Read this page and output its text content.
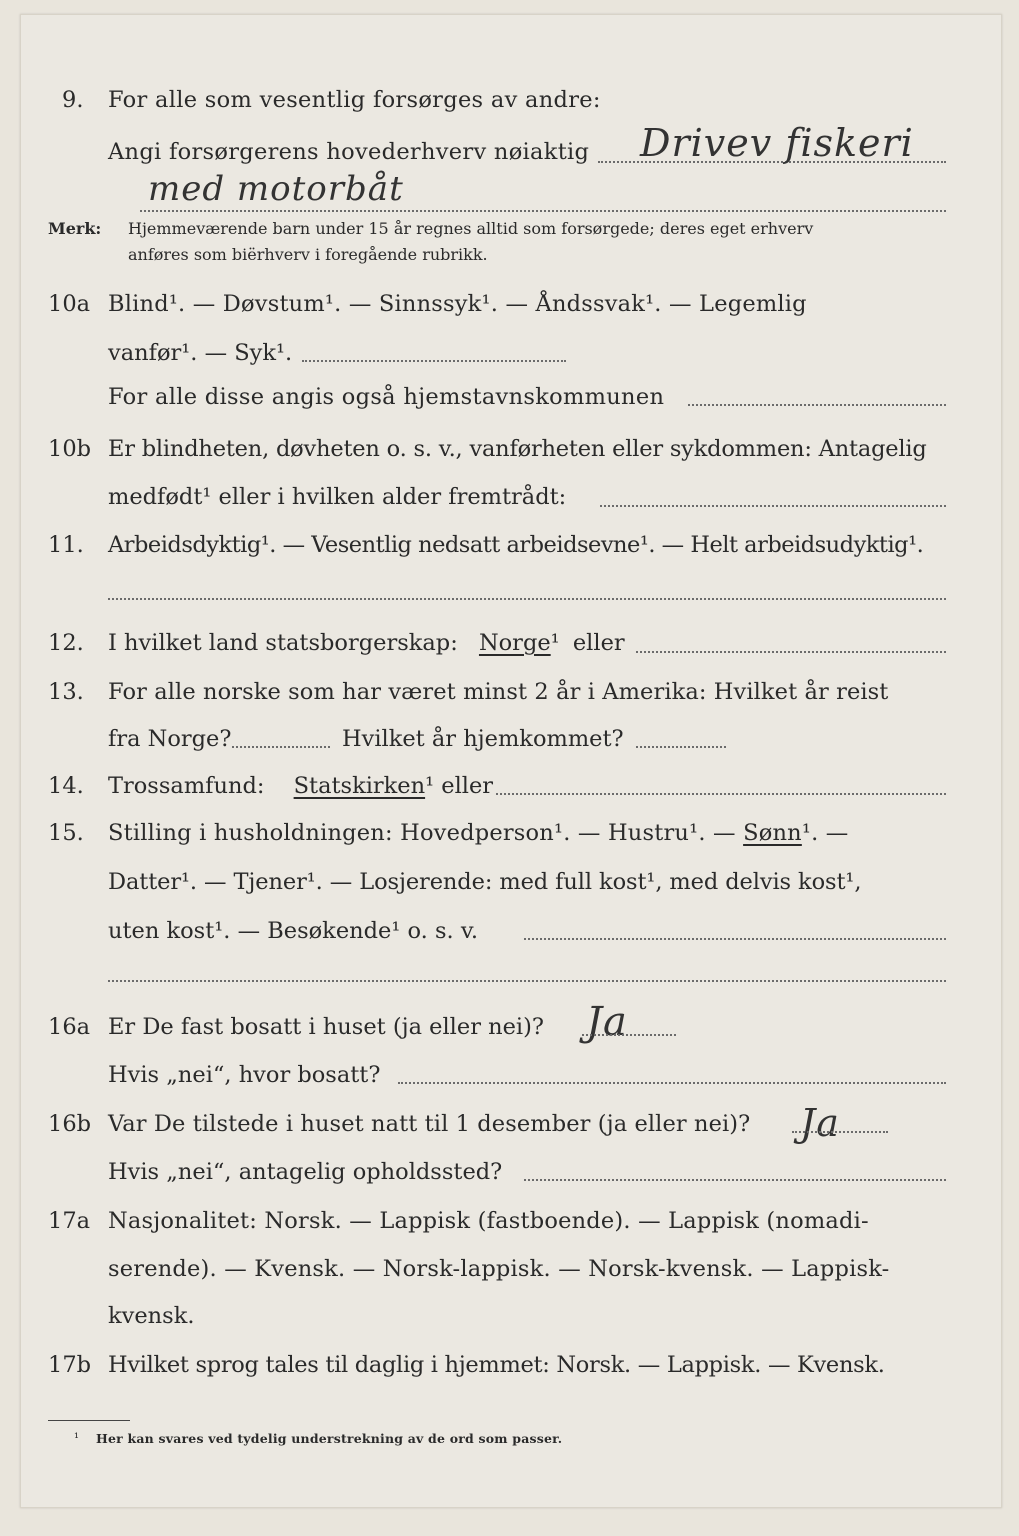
9. For alle som vesentlig forsørges av andre:
Angi forsørgerens hovederhverv nøiaktig Drivev fiskeri
med motorbåt
Merk: Hjemmeværende barn under 15 år regnes alltid som forsørgede; deres eget erhverv
anføres som biërhverv i foregående rubrikk.
10a Blind¹. — Døvstum¹. — Sinnssyk¹. — Åndssvak¹. — Legemlig
vanfør¹. — Syk¹.
For alle disse angis også hjemstavnskommunen
10b Er blindheten, døvheten o. s. v., vanførheten eller sykdommen: Antagelig
medfødt¹ eller i hvilken alder fremtrådt:
11. Arbeidsdyktig¹. — Vesentlig nedsatt arbeidsevne¹. — Helt arbeidsudyktig¹.
12. I hvilket land statsborgerskap: Norge¹ eller
13. For alle norske som har været minst 2 år i Amerika: Hvilket år reist
fra Norge?	Hvilket år hjemkommet?
14. Trossamfund: Statskirken¹ eller
15. Stilling i husholdningen: Hovedperson¹. — Hustru¹. — Sønn¹. —
Datter¹. — Tjener¹. — Losjerende: med full kost¹, med delvis kost¹,
uten kost¹. — Besøkende¹ o. s. v.
16a Er De fast bosatt i huset (ja eller nei)? Ja
Hvis „nei“, hvor bosatt?
16b Var De tilstede i huset natt til 1 desember (ja eller nei)? Ja
Hvis „nei“, antagelig opholdssted?
17a Nasjonalitet: Norsk. — Lappisk (fastboende). — Lappisk (nomadi-
serende). — Kvensk. — Norsk-lappisk. — Norsk-kvensk. — Lappisk-
kvensk.
17b Hvilket sprog tales til daglig i hjemmet: Norsk. — Lappisk. — Kvensk.
¹ Her kan svares ved tydelig understrekning av de ord som passer.
